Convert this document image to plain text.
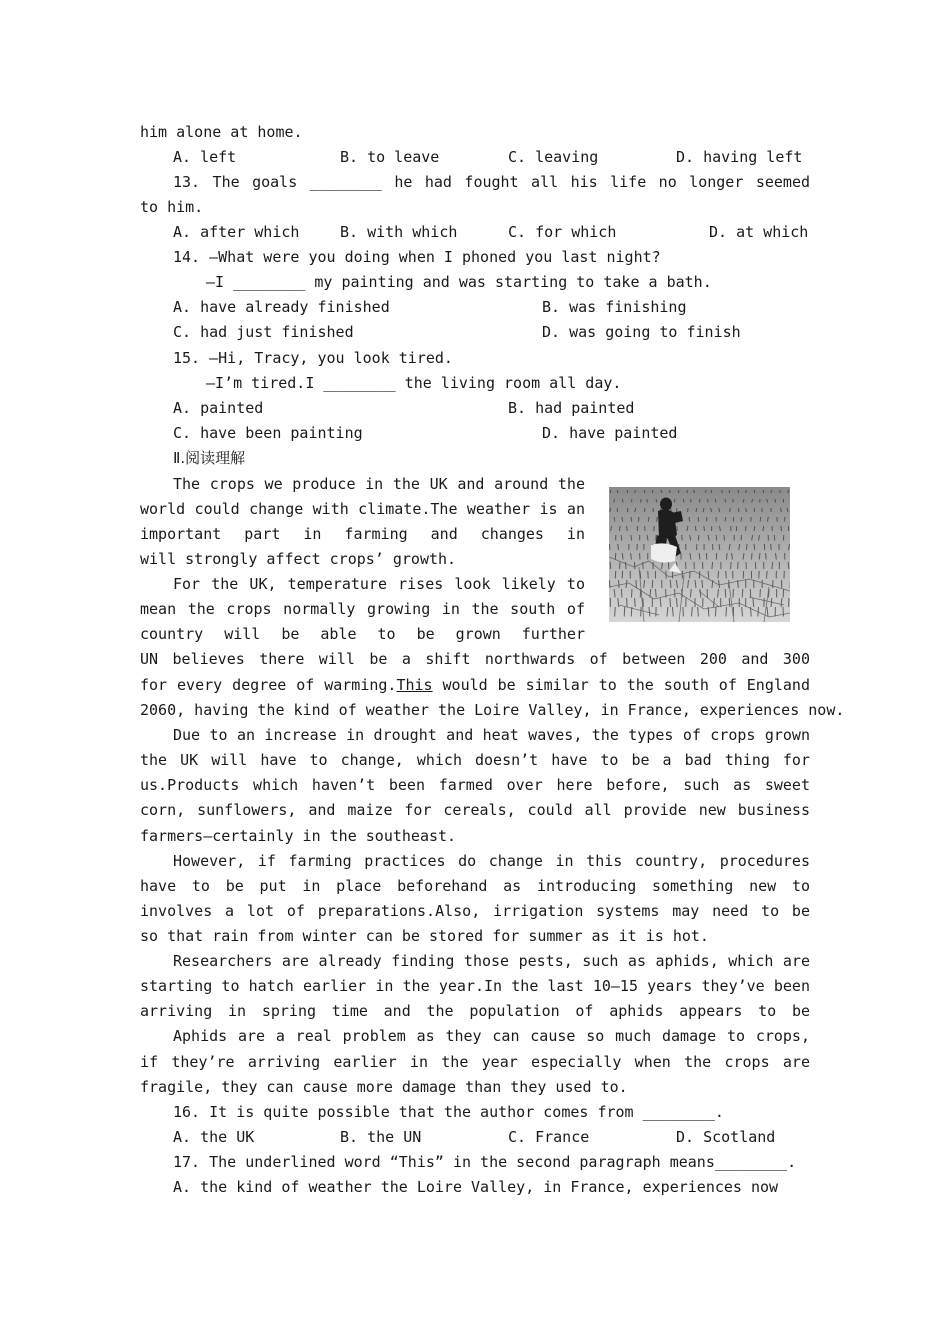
him alone at home.
A. left	B. to leave	C. leaving	D. having left
13. The goals ________ he had fought all his life no longer seemed
to him.
A. after which	B. with which	C. for which	D. at which
14. —What were you doing when I phoned you last night?
—I ________ my painting and was starting to take a bath.
A. have already finished	B. was finishing
C. had just finished	D. was going to finish
15. —Hi, Tracy, you look tired.
—I’m tired.I ________ the living room all day.
A. painted	B. had painted
C. have been painting	D. have painted
Ⅱ.阅读理解
The crops we produce in the UK and around the
world could change with climate.The weather is an
important part in farming and changes in
will strongly affect crops’ growth.
For the UK, temperature rises look likely to
mean the crops normally growing in the south of
country will be able to be grown further
UN believes there will be a shift northwards of between 200 and 300
for every degree of warming.This would be similar to the south of England
2060, having the kind of weather the Loire Valley, in France, experiences now.
Due to an increase in drought and heat waves, the types of crops grown
the UK will have to change, which doesn’t have to be a bad thing for
us.Products which haven’t been farmed over here before, such as sweet
corn, sunflowers, and maize for cereals, could all provide new business
farmers—certainly in the southeast.
However, if farming practices do change in this country, procedures
have to be put in place beforehand as introducing something new to
involves a lot of preparations.Also, irrigation systems may need to be
so that rain from winter can be stored for summer as it is hot.
Researchers are already finding those pests, such as aphids, which are
starting to hatch earlier in the year.In the last 10—15 years they’ve been
arriving in spring time and the population of aphids appears to be
Aphids are a real problem as they can cause so much damage to crops,
if they’re arriving earlier in the year especially when the crops are
fragile, they can cause more damage than they used to.
16. It is quite possible that the author comes from ________.
A. the UK	B. the UN	C. France	D. Scotland
17. The underlined word “This” in the second paragraph means________.
A. the kind of weather the Loire Valley, in France, experiences now
